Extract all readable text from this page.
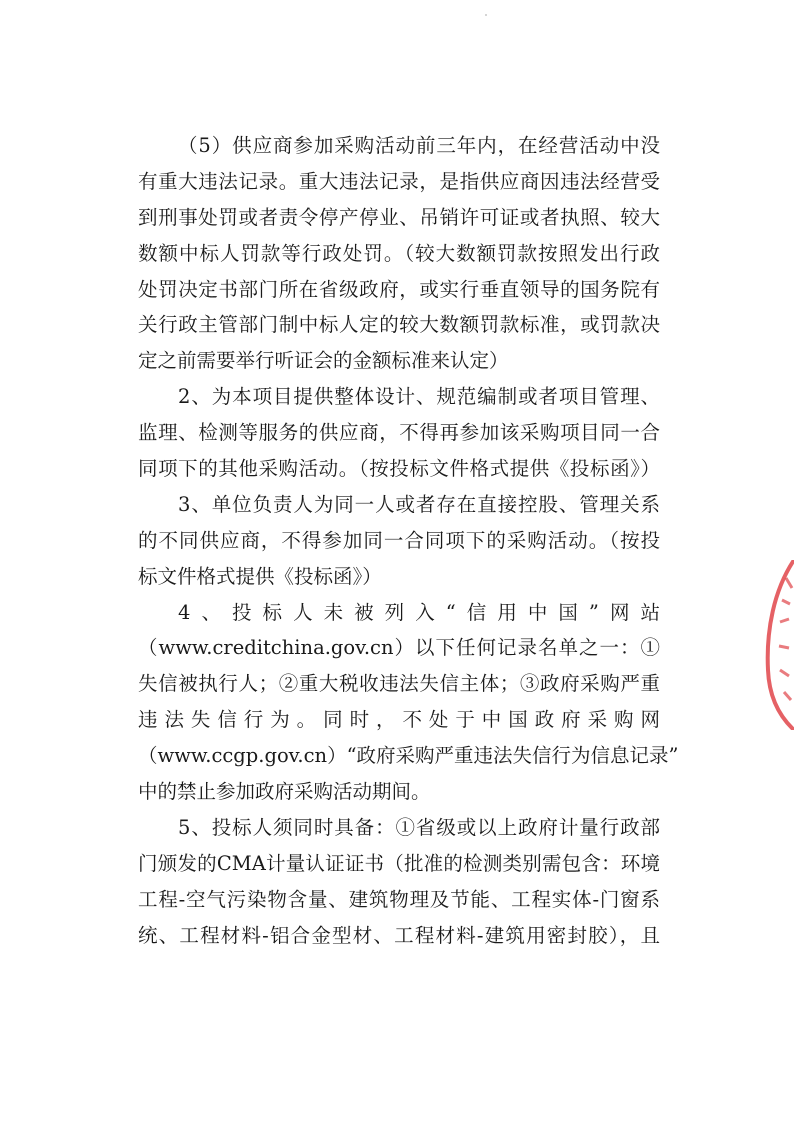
（5）供应商参加采购活动前三年内，在经营活动中没
有重大违法记录。重大违法记录，是指供应商因违法经营受
到刑事处罚或者责令停产停业、吊销许可证或者执照、较大
数额中标人罚款等行政处罚。（较大数额罚款按照发出行政
处罚决定书部门所在省级政府，或实行垂直领导的国务院有
关行政主管部门制中标人定的较大数额罚款标准，或罚款决
定之前需要举行听证会的金额标准来认定）
2、为本项目提供整体设计、规范编制或者项目管理、
监理、检测等服务的供应商，不得再参加该采购项目同一合
同项下的其他采购活动。（按投标文件格式提供《投标函》）
3、单位负责人为同一人或者存在直接控股、管理关系
的不同供应商，不得参加同一合同项下的采购活动。（按投
标文件格式提供《投标函》）
4、投标人未被列入“信用中国”网站
（www.creditchina.gov.cn）以下任何记录名单之一：①
失信被执行人；②重大税收违法失信主体；③政府采购严重
违法失信行为。同时，不处于中国政府采购网
（www.ccgp.gov.cn）“政府采购严重违法失信行为信息记录”
中的禁止参加政府采购活动期间。
5、投标人须同时具备：①省级或以上政府计量行政部
门颁发的CMA计量认证证书（批准的检测类别需包含：环境
工程-空气污染物含量、建筑物理及节能、工程实体-门窗系
统、工程材料-铝合金型材、工程材料-建筑用密封胶），且
